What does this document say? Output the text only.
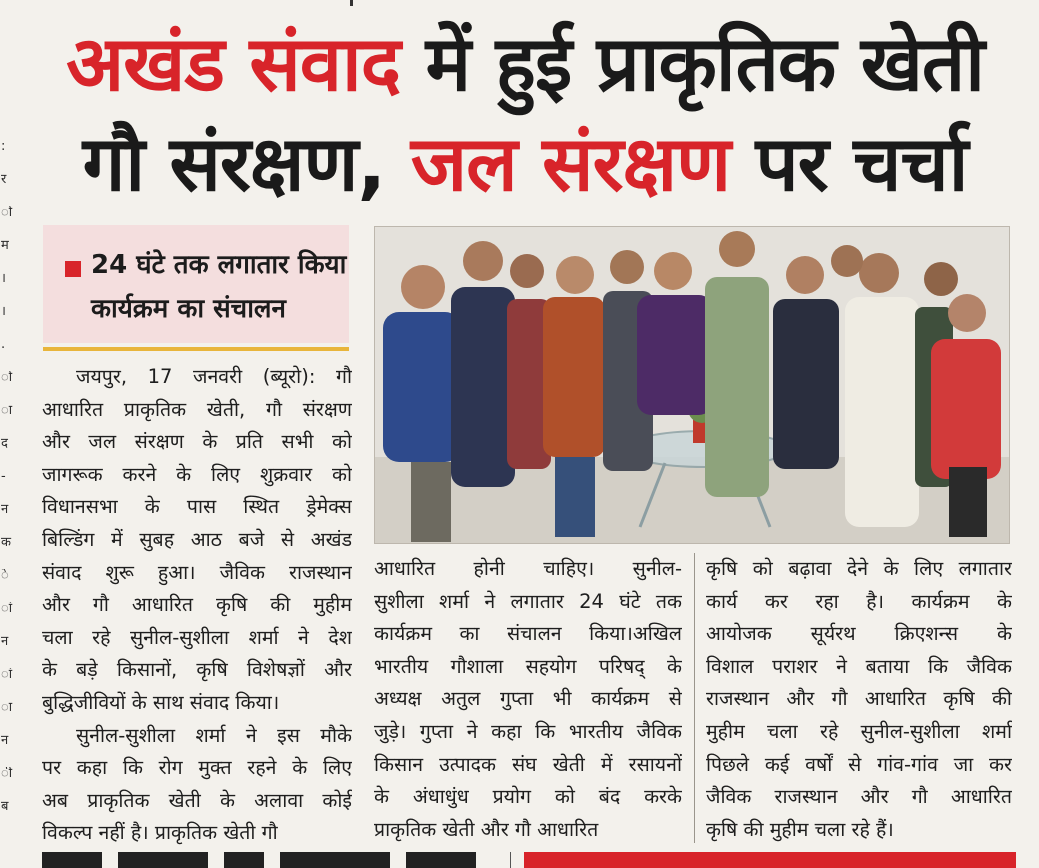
:
र
ो
म
।
।
.
ो
ा
द
-
न
क
े
ां
न
ां
ा
न
ी
ब
अखंड संवाद में हुई प्राकृतिक खेती
गौ संरक्षण, जल संरक्षण पर चर्चा
24 घंटे तक लगातार किया
कार्यक्रम का संचालन
जयपुर, 17 जनवरी (ब्यूरो): गौ
आधारित प्राकृतिक खेती, गौ संरक्षण
और जल संरक्षण के प्रति सभी को
जागरूक करने के लिए शुक्रवार को
विधानसभा के पास स्थित ड्रेमेक्स
बिल्डिंग में सुबह आठ बजे से अखंड
संवाद शुरू हुआ। जैविक राजस्थान
और गौ आधारित कृषि की मुहीम
चला रहे सुनील-सुशीला शर्मा ने देश
के बड़े किसानों, कृषि विशेषज्ञों और
बुद्धिजीवियों के साथ संवाद किया।
सुनील-सुशीला शर्मा ने इस मौके
पर कहा कि रोग मुक्त रहने के लिए
अब प्राकृतिक खेती के अलावा कोई
विकल्प नहीं है। प्राकृतिक खेती गौ
आधारित होनी चाहिए। सुनील-
सुशीला शर्मा ने लगातार 24 घंटे तक
कार्यक्रम का संचालन किया।अखिल
भारतीय गौशाला सहयोग परिषद् के
अध्यक्ष अतुल गुप्ता भी कार्यक्रम से
जुड़े। गुप्ता ने कहा कि भारतीय जैविक
किसान उत्पादक संघ खेती में रसायनों
के अंधाधुंध प्रयोग को बंद करके
प्राकृतिक खेती और गौ आधारित
कृषि को बढ़ावा देने के लिए लगातार
कार्य कर रहा है। कार्यक्रम के
आयोजक सूर्यरथ क्रिएशन्स के
विशाल पराशर ने बताया कि जैविक
राजस्थान और गौ आधारित कृषि की
मुहीम चला रहे सुनील-सुशीला शर्मा
पिछले कई वर्षों से गांव-गांव जा कर
जैविक राजस्थान और गौ आधारित
कृषि की मुहीम चला रहे हैं।
